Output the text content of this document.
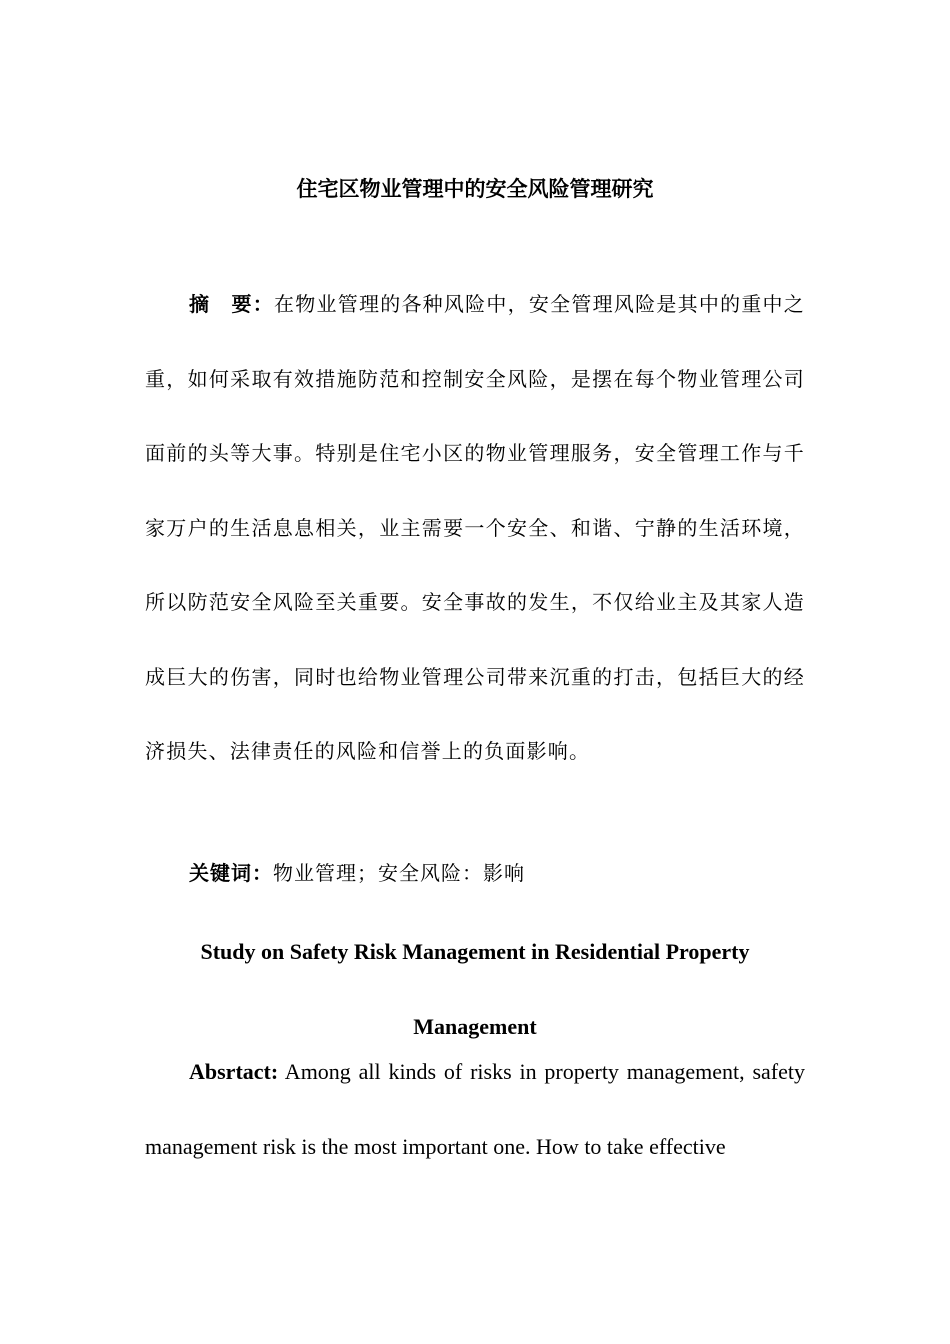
住宅区物业管理中的安全风险管理研究

摘　要：在物业管理的各种风险中，安全管理风险是其中的重中之重，如何采取有效措施防范和控制安全风险，是摆在每个物业管理公司面前的头等大事。特别是住宅小区的物业管理服务，安全管理工作与千家万户的生活息息相关，业主需要一个安全、和谐、宁静的生活环境，所以防范安全风险至关重要。安全事故的发生，不仅给业主及其家人造成巨大的伤害，同时也给物业管理公司带来沉重的打击，包括巨大的经济损失、法律责任的风险和信誉上的负面影响。

关键词：物业管理；安全风险：影响

Study on Safety Risk Management in Residential Property
Management

Absrtact: Among all kinds of risks in property management, safety management risk is the most important one. How to take effective
